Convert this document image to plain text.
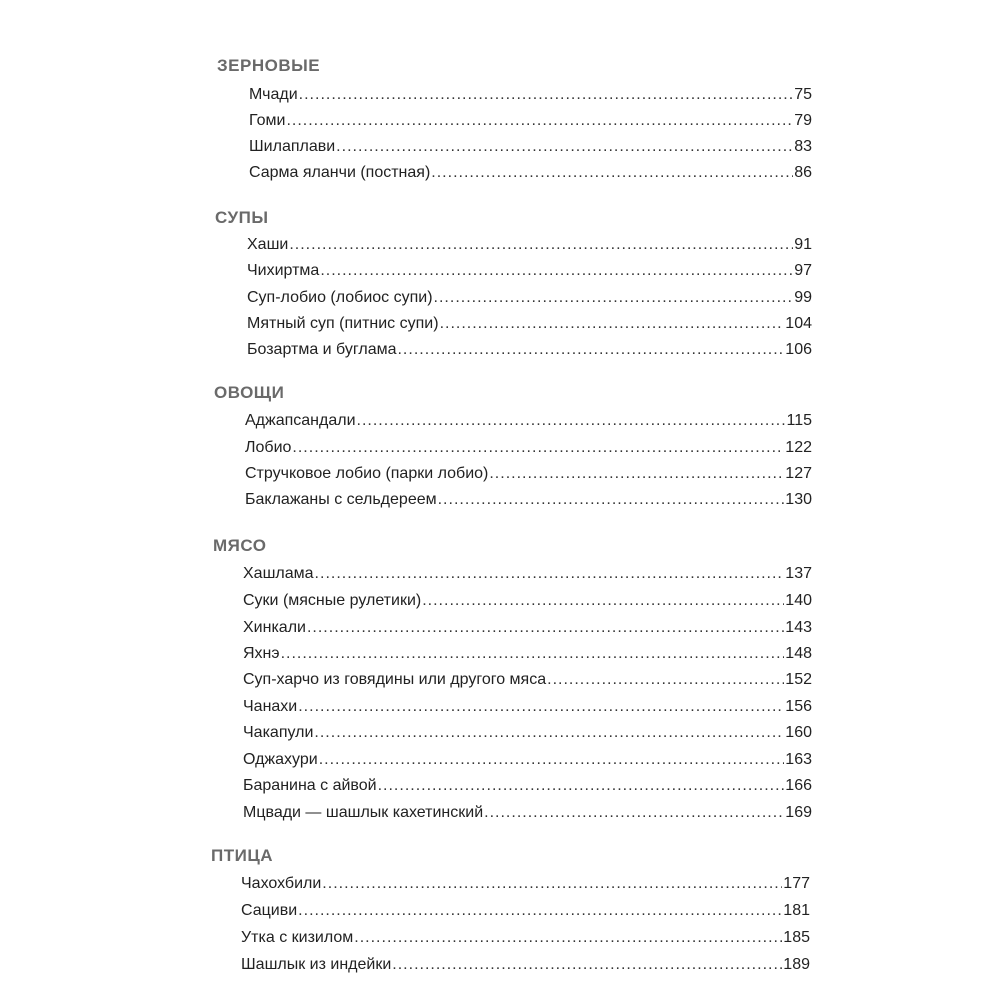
ЗЕРНОВЫЕ
Мчади .....	75
Гоми .....	79
Шилаплави .....	83
Сарма яланчи (постная) .....	86
СУПЫ
Хаши .....	91
Чихиртма .....	97
Суп-лобио (лобиос супи) .....	99
Мятный суп (питнис супи) .....	104
Бозартма и буглама .....	106
ОВОЩИ
Аджапсандали .....	115
Лобио .....	122
Стручковое лобио (парки лобио) .....	127
Баклажаны с сельдереем .....	130
МЯСО
Хашлама .....	137
Суки (мясные рулетики) .....	140
Хинкали .....	143
Яхнэ .....	148
Суп-харчо из говядины или другого мяса .....	152
Чанахи .....	156
Чакапули .....	160
Оджахури .....	163
Баранина с айвой .....	166
Мцвади — шашлык кахетинский .....	169
ПТИЦА
Чахохбили .....	177
Сациви .....	181
Утка с кизилом .....	185
Шашлык из индейки .....	189
